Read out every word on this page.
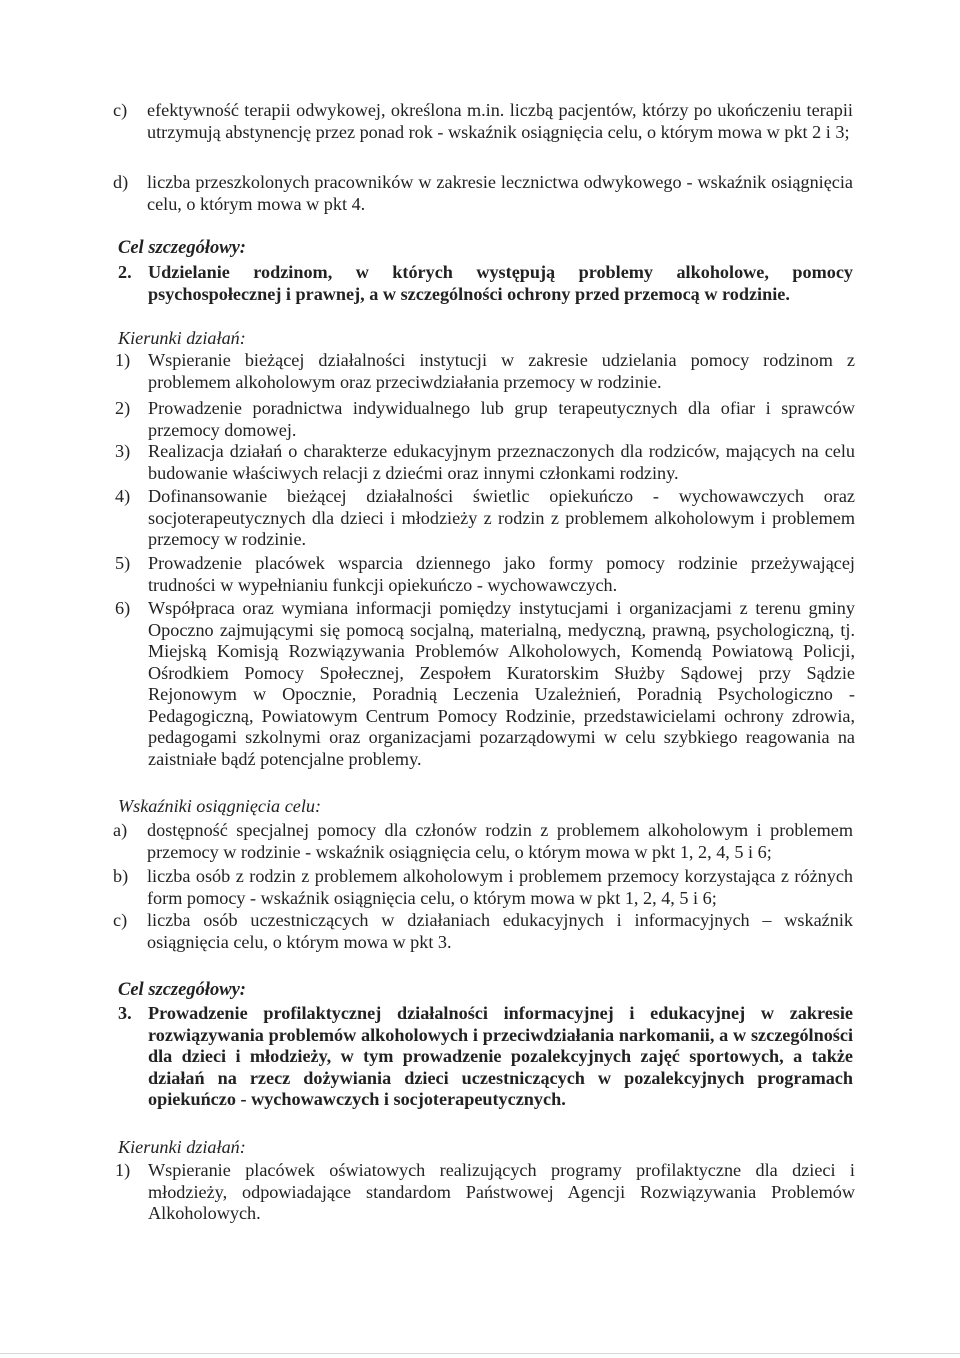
c)	efektywność terapii odwykowej, określona m.in. liczbą pacjentów, którzy po ukończeniu terapii utrzymują abstynencję przez ponad rok - wskaźnik osiągnięcia celu, o którym mowa w pkt 2 i 3;
d)	liczba przeszkolonych pracowników w zakresie lecznictwa odwykowego - wskaźnik osiągnięcia celu, o którym mowa w pkt 4.
Cel szczegółowy:
2. Udzielanie rodzinom, w których występują problemy alkoholowe, pomocy psychospołecznej i prawnej, a w szczególności ochrony przed przemocą w rodzinie.
Kierunki działań:
1) Wspieranie bieżącej działalności instytucji w zakresie udzielania pomocy rodzinom z problemem alkoholowym oraz przeciwdziałania przemocy w rodzinie.
2) Prowadzenie poradnictwa indywidualnego lub grup terapeutycznych dla ofiar i sprawców przemocy domowej.
3) Realizacja działań o charakterze edukacyjnym przeznaczonych dla rodziców, mających na celu budowanie właściwych relacji z dziećmi oraz innymi członkami rodziny.
4) Dofinansowanie bieżącej działalności świetlic opiekuńczo - wychowawczych oraz socjoterapeutycznych dla dzieci i młodzieży z rodzin z problemem alkoholowym i problemem przemocy w rodzinie.
5) Prowadzenie placówek wsparcia dziennego jako formy pomocy rodzinie przeżywającej trudności w wypełnianiu funkcji opiekuńczo - wychowawczych.
6) Współpraca oraz wymiana informacji pomiędzy instytucjami i organizacjami z terenu gminy Opoczno zajmującymi się pomocą socjalną, materialną, medyczną, prawną, psychologiczną, tj. Miejską Komisją Rozwiązywania Problemów Alkoholowych, Komendą Powiatową Policji, Ośrodkiem Pomocy Społecznej, Zespołem Kuratorskim Służby Sądowej przy Sądzie Rejonowym w Opocznie, Poradnią Leczenia Uzależnień, Poradnią Psychologiczno - Pedagogiczną, Powiatowym Centrum Pomocy Rodzinie, przedstawicielami ochrony zdrowia, pedagogami szkolnymi oraz organizacjami pozarządowymi w celu szybkiego reagowania na zaistniałe bądź potencjalne problemy.
Wskaźniki osiągnięcia celu:
a)	dostępność specjalnej pomocy dla członów rodzin z problemem alkoholowym i problemem przemocy w rodzinie - wskaźnik osiągnięcia celu, o którym mowa w pkt 1, 2, 4, 5 i 6;
b)	liczba osób z rodzin z problemem alkoholowym i problemem przemocy korzystająca z różnych form pomocy - wskaźnik osiągnięcia celu, o którym mowa w pkt 1, 2, 4, 5 i 6;
c)	liczba osób uczestniczących w działaniach edukacyjnych i informacyjnych – wskaźnik osiągnięcia celu, o którym mowa w pkt 3.
Cel szczegółowy:
3. Prowadzenie profilaktycznej działalności informacyjnej i edukacyjnej w zakresie rozwiązywania problemów alkoholowych i przeciwdziałania narkomanii, a w szczególności dla dzieci i młodzieży, w tym prowadzenie pozalekcyjnych zajęć sportowych, a także działań na rzecz dożywiania dzieci uczestniczących w pozalekcyjnych programach opiekuńczo - wychowawczych i socjoterapeutycznych.
Kierunki działań:
1) Wspieranie placówek oświatowych realizujących programy profilaktyczne dla dzieci i młodzieży, odpowiadające standardom Państwowej Agencji Rozwiązywania Problemów Alkoholowych.
